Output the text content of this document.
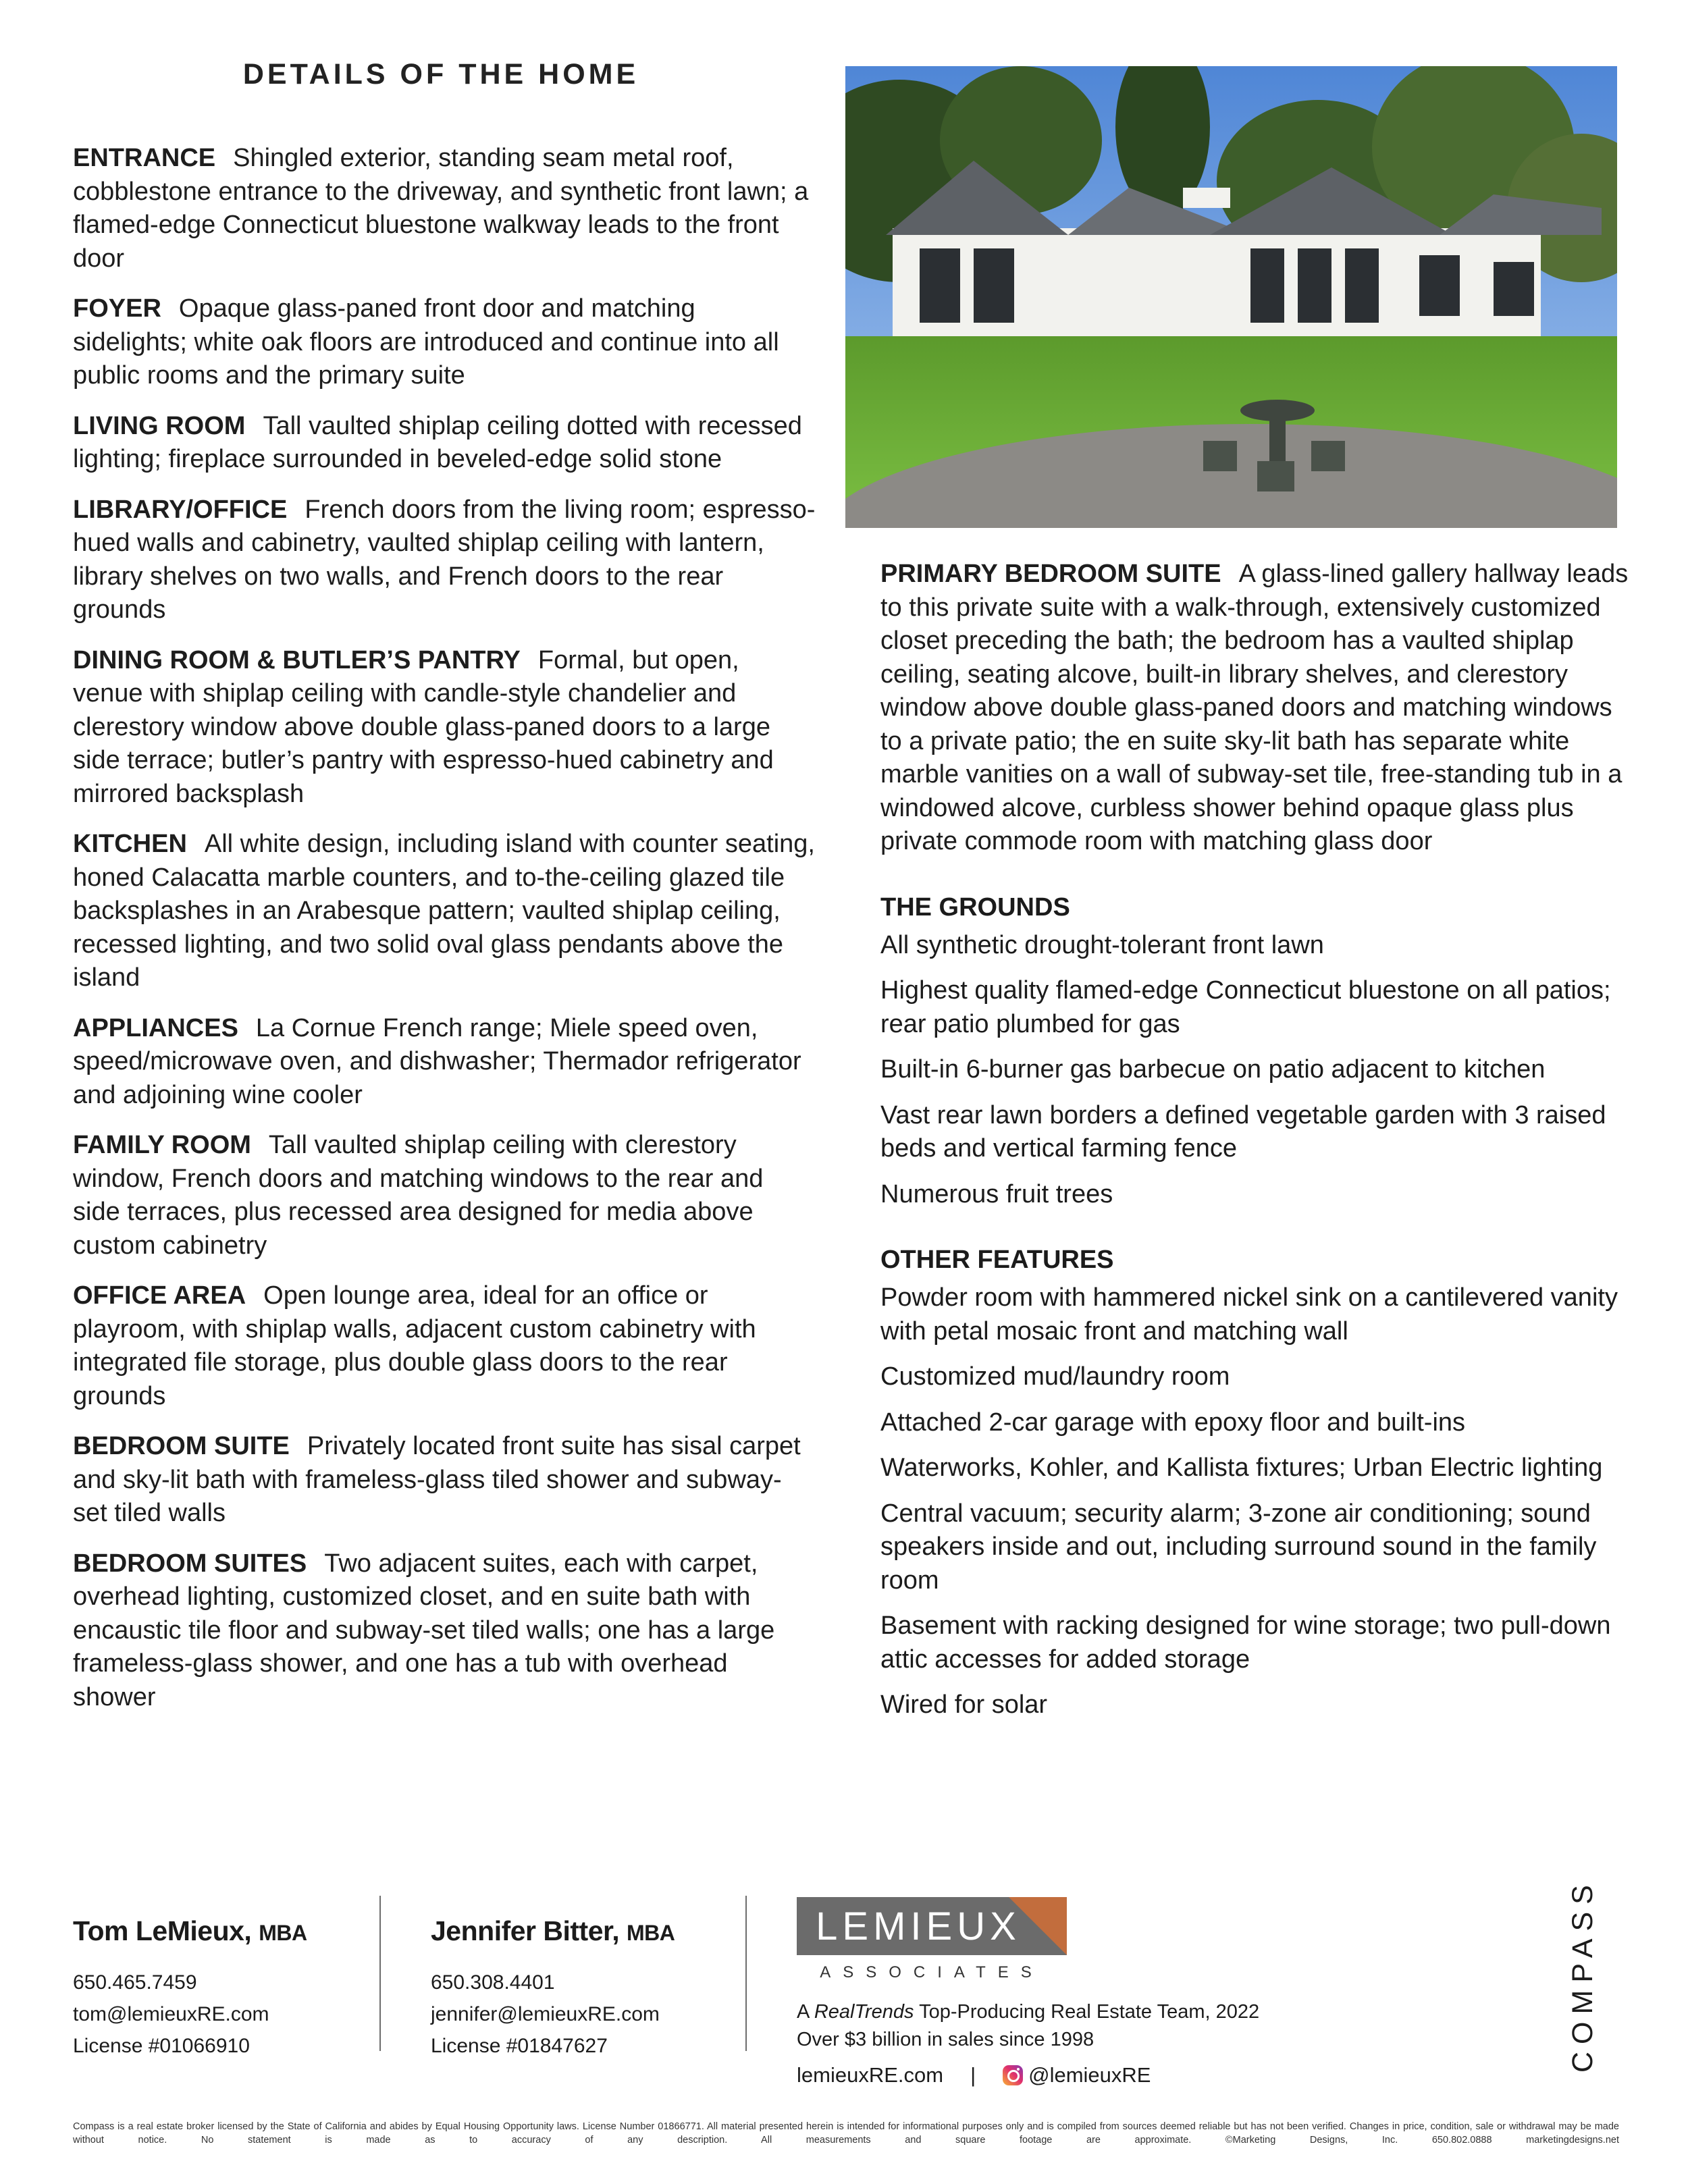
DETAILS OF THE HOME

ENTRANCE Shingled exterior, standing seam metal roof, cobblestone entrance to the driveway, and synthetic front lawn; a flamed-edge Connecticut bluestone walkway leads to the front door

FOYER Opaque glass-paned front door and matching sidelights; white oak floors are introduced and continue into all public rooms and the primary suite

LIVING ROOM Tall vaulted shiplap ceiling dotted with recessed lighting; fireplace surrounded in beveled-edge solid stone

LIBRARY/OFFICE French doors from the living room; espresso-hued walls and cabinetry, vaulted shiplap ceiling with lantern, library shelves on two walls, and French doors to the rear grounds

DINING ROOM & BUTLER’S PANTRY Formal, but open, venue with shiplap ceiling with candle-style chandelier and clerestory window above double glass-paned doors to a large side terrace; butler’s pantry with espresso-hued cabinetry and mirrored backsplash

KITCHEN All white design, including island with counter seating, honed Calacatta marble counters, and to-the-ceiling glazed tile backsplashes in an Arabesque pattern; vaulted shiplap ceiling, recessed lighting, and two solid oval glass pendants above the island

APPLIANCES La Cornue French range; Miele speed oven, speed/microwave oven, and dishwasher; Thermador refrigerator and adjoining wine cooler

FAMILY ROOM Tall vaulted shiplap ceiling with clerestory window, French doors and matching windows to the rear and side terraces, plus recessed area designed for media above custom cabinetry

OFFICE AREA Open lounge area, ideal for an office or playroom, with shiplap walls, adjacent custom cabinetry with integrated file storage, plus double glass doors to the rear grounds

BEDROOM SUITE Privately located front suite has sisal carpet and sky-lit bath with frameless-glass tiled shower and subway-set tiled walls

BEDROOM SUITES Two adjacent suites, each with carpet, overhead lighting, customized closet, and en suite bath with encaustic tile floor and subway-set tiled walls; one has a large frameless-glass shower, and one has a tub with overhead shower

PRIMARY BEDROOM SUITE A glass-lined gallery hallway leads to this private suite with a walk-through, extensively customized closet preceding the bath; the bedroom has a vaulted shiplap ceiling, seating alcove, built-in library shelves, and clerestory window above double glass-paned doors and matching windows to a private patio; the en suite sky-lit bath has separate white marble vanities on a wall of subway-set tile, free-standing tub in a windowed alcove, curbless shower behind opaque glass plus private commode room with matching glass door

THE GROUNDS
All synthetic drought-tolerant front lawn
Highest quality flamed-edge Connecticut bluestone on all patios; rear patio plumbed for gas
Built-in 6-burner gas barbecue on patio adjacent to kitchen
Vast rear lawn borders a defined vegetable garden with 3 raised beds and vertical farming fence
Numerous fruit trees
OTHER FEATURES
Powder room with hammered nickel sink on a cantilevered vanity with petal mosaic front and matching wall
Customized mud/laundry room
Attached 2-car garage with epoxy floor and built-ins
Waterworks, Kohler, and Kallista fixtures; Urban Electric lighting
Central vacuum; security alarm; 3-zone air conditioning; sound speakers inside and out, including surround sound in the family room
Basement with racking designed for wine storage; two pull-down attic accesses for added storage
Wired for solar
Tom LeMieux, MBA
650.465.7459
tom@lemieuxRE.com
License #01066910
Jennifer Bitter, MBA
650.308.4401
jennifer@lemieuxRE.com
License #01847627
LEMIEUX
ASSOCIATES
A RealTrends Top-Producing Real Estate Team, 2022
Over $3 billion in sales since 1998
lemieuxRE.com |	@lemieuxRE
COMPASS
Compass is a real estate broker licensed by the State of California and abides by Equal Housing Opportunity laws. License Number 01866771. All material presented herein is intended for informational purposes only and is compiled from sources deemed reliable but has not been verified. Changes in price, condition, sale or withdrawal may be made without notice. No statement is made as to accuracy of any description. All measurements and square footage are approximate. ©Marketing Designs, Inc. 650.802.0888 marketingdesigns.net
